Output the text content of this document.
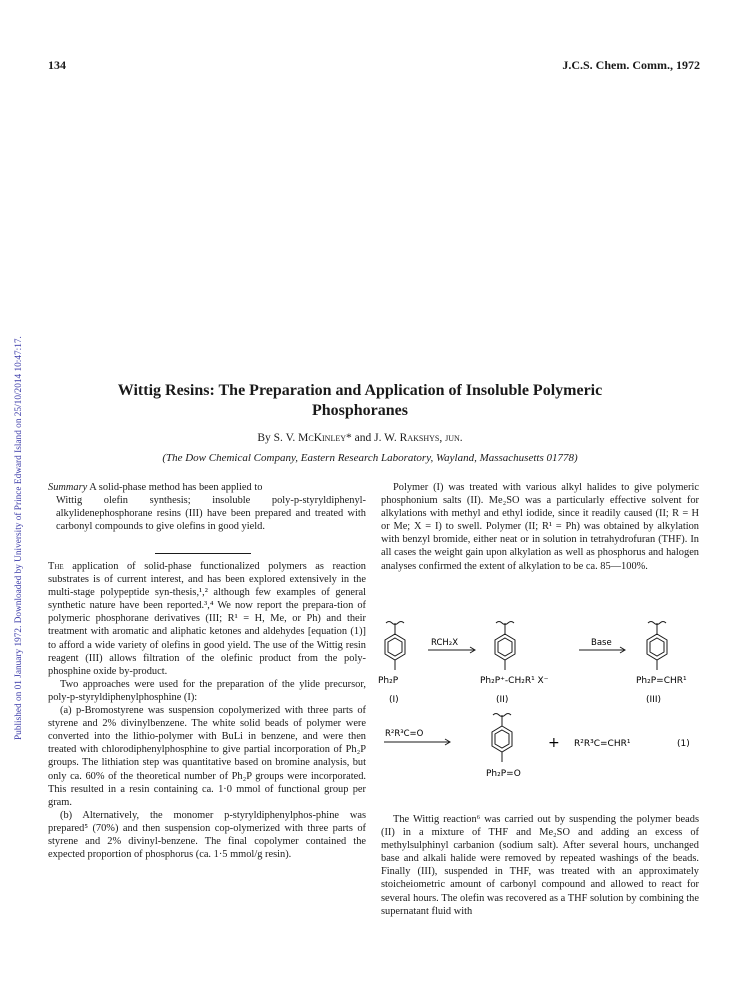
134	J.C.S. Chem. Comm., 1972
Published on 01 January 1972. Downloaded by University of Prince Edward Island on 25/10/2014 10:47:17.	Wittig Resins: The Preparation and Application of Insoluble Polymeric
Phosphoranes
By S. V. McKinley* and J. W. Rakshys, jun.
(The Dow Chemical Company, Eastern Research Laboratory, Wayland, Massachusetts 01778)

Summary A solid-phase method has been applied to

Wittig olefin synthesis; insoluble poly-p-styryldiphenyl-alkylidenephosphorane resins (III) have been prepared and treated with carbonyl compounds to give olefins in good yield.

The application of solid-phase functionalized polymers as reaction substrates is of current interest, and has been explored extensively in the multi-stage polypeptide syn-thesis,¹,² although few examples of general synthetic nature have been reported.³,⁴ We now report the prepara-tion of polymeric phosphorane derivatives (III; R¹ = H, Me, or Ph) and their treatment with aromatic and aliphatic ketones and aldehydes [equation (1)] to afford a wide variety of olefins in good yield. The use of the Wittig resin reagent (III) allows filtration of the olefinic product from the poly-phosphine oxide by-product.

Two approaches were used for the preparation of the ylide precursor, poly-p-styryldiphenylphosphine (I):

(a) p-Bromostyrene was suspension copolymerized with three parts of styrene and 2% divinylbenzene. The white solid beads of polymer were converted into the lithio-polymer with BuLi in benzene, and were then treated with chlorodiphenylphosphine to give partial incorporation of Ph₂P groups. The lithiation step was quantitative based on bromine analysis, but only ca. 60% of the theoretical number of Ph₂P groups were incorporated. This resulted in a resin containing ca. 1·0 mmol of functional group per gram.

(b) Alternatively, the monomer p-styryldiphenylphos-phine was prepared⁵ (70%) and then suspension cop-olymerized with three parts of styrene and 2% divinyl-benzene. The final copolymer contained the expected proportion of phosphorus (ca. 1·5 mmol/g resin).

Polymer (I) was treated with various alkyl halides to give polymeric phosphonium salts (II). Me₂SO was a particularly effective solvent for alkylations with methyl and ethyl iodide, since it readily caused (II; R = H or Me; X = I) to swell. Polymer (II; R¹ = Ph) was obtained by alkylation with benzyl bromide, either neat or in solution in tetrahydrofuran (THF). In all cases the weight gain upon alkylation as well as phosphorus and halogen analyses confirmed the extent of alkylation to be ca. 85—100%.

Ph₂P
RCH₂X
Ph₂P⁺-CH₂R¹ X⁻
Base
Ph₂P=CHR¹
(I)	(II)	(III)
R²R³C=O
+ R²R³C=CHR¹	(1)
Ph₂P=O

The Wittig reaction⁶ was carried out by suspending the polymer beads (II) in a mixture of THF and Me₂SO and adding an excess of methylsulphinyl carbanion (sodium salt). After several hours, unchanged base and alkali halide were removed by repeated washings of the beads. Finally (III), suspended in THF, was treated with an approximately stoicheiometric amount of carbonyl compound and allowed to react for several hours. The olefin was recovered as a THF solution by combining the supernatant fluid with
